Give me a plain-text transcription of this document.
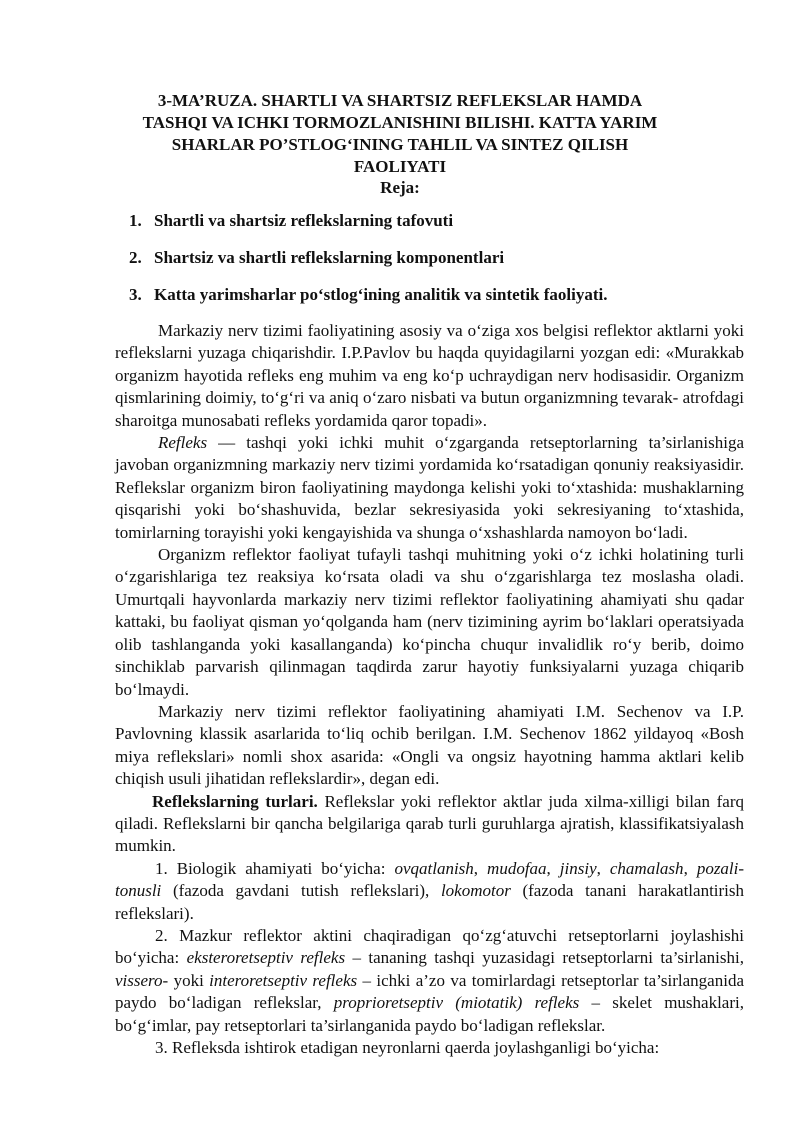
3-MA’RUZA. SHARTLI VA SHARTSIZ REFLEKSLAR HAMDA
TASHQI VA ICHKI TORMOZLANISHINI BILISHI. KATTA YARIM
SHARLAR PO’STLOG‘INING TAHLIL VA SINTEZ QILISH
FAOLIYATI
Reja:
1. Shartli va shartsiz reflekslarning tafovuti
2. Shartsiz va shartli reflekslarning komponentlari
3. Katta yarimsharlar po‘stlog‘ining analitik va sintetik faoliyati.

Markaziy nerv tizimi faoliyatining asosiy va o‘ziga xos belgisi reflektor aktlarni yoki reflekslarni yuzaga chiqarishdir. I.P.Pavlov bu haqda quyidagilarni yozgan edi: «Murakkab organizm hayotida refleks eng muhim va eng ko‘p uchraydigan nerv hodisasidir. Organizm qismlarining doimiy, to‘g‘ri va aniq o‘zaro nisbati va butun organizmning tevarak- atrofdagi sharoitga munosabati refleks yordamida qaror topadi».

Refleks — tashqi yoki ichki muhit o‘zgarganda retseptorlarning ta’sirlanishiga javoban organizmning markaziy nerv tizimi yordamida ko‘rsatadigan qonuniy reaksiyasidir. Reflekslar organizm biron faoliyatining maydonga kelishi yoki to‘xtashida: mushaklarning qisqarishi yoki bo‘shashuvida, bezlar sekresiyasida yoki sekresiyaning to‘xtashida, tomirlarning torayishi yoki kengayishida va shunga o‘xshashlarda namoyon bo‘ladi.

Organizm reflektor faoliyat tufayli tashqi muhitning yoki o‘z ichki holatining turli o‘zgarishlariga tez reaksiya ko‘rsata oladi va shu o‘zgarishlarga tez moslasha oladi. Umurtqali hayvonlarda markaziy nerv tizimi reflektor faoliyatining ahamiyati shu qadar kattaki, bu faoliyat qisman yo‘qolganda ham (nerv tizimining ayrim bo‘laklari operatsiyada olib tashlanganda yoki kasallanganda) ko‘pincha chuqur invalidlik ro‘y berib, doimo sinchiklab parvarish qilinmagan taqdirda zarur hayotiy funksiyalarni yuzaga chiqarib bo‘lmaydi.

Markaziy nerv tizimi reflektor faoliyatining ahamiyati I.M. Sechenov va I.P. Pavlovning klassik asarlarida to‘liq ochib berilgan. I.M. Sechenov 1862 yildayoq «Bosh miya reflekslari» nomli shox asarida: «Ongli va ongsiz hayotning hamma aktlari kelib chiqish usuli jihatidan reflekslardir», degan edi.

Reflekslarning turlari. Reflekslar yoki reflektor aktlar juda xilma-xilligi bilan farq qiladi. Reflekslarni bir qancha belgilariga qarab turli guruhlarga ajratish, klassifikatsiyalash mumkin.

1. Biologik ahamiyati bo‘yicha: ovqatlanish, mudofaa, jinsiy, chamalash, pozali-tonusli (fazoda gavdani tutish reflekslari), lokomotor (fazoda tanani harakatlantirish reflekslari).

2. Mazkur reflektor aktini chaqiradigan qo‘zg‘atuvchi retseptorlarni joylashishi bo‘yicha: eksteroretseptiv refleks – tananing tashqi yuzasidagi retseptorlarni ta’sirlanishi, vissero- yoki interoretseptiv refleks – ichki a’zo va tomirlardagi retseptorlar ta’sirlanganida paydo bo‘ladigan reflekslar, proprioretseptiv (miotatik) refleks – skelet mushaklari, bo‘g‘imlar, pay retseptorlari ta’sirlanganida paydo bo‘ladigan reflekslar.

3. Refleksda ishtirok etadigan neyronlarni qaerda joylashganligi bo‘yicha:
